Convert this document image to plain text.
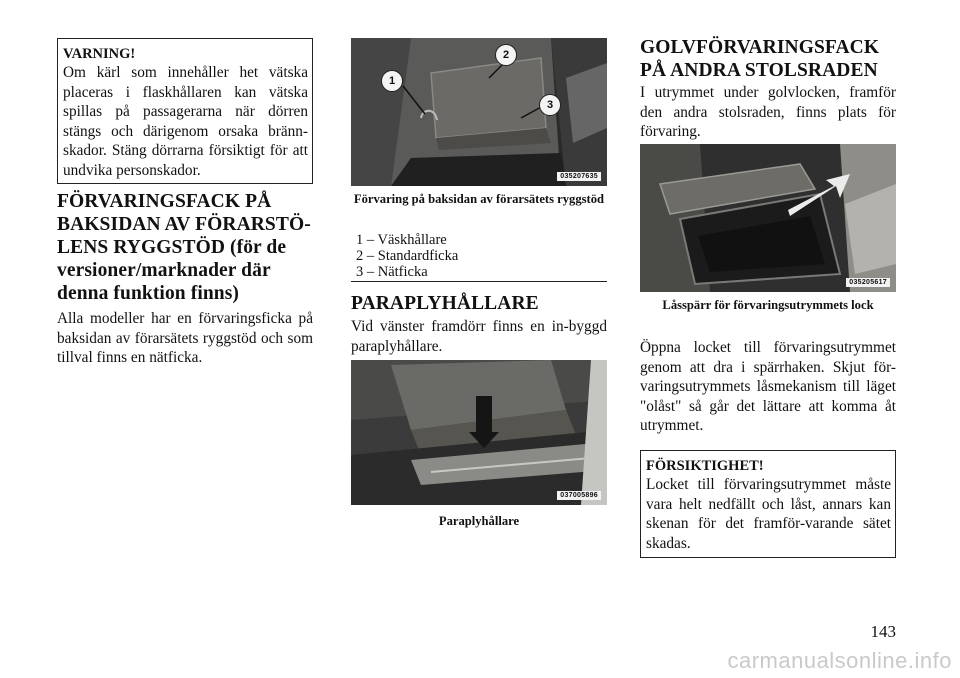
VARNING!
Om kärl som innehåller het vätska placeras i flaskhållaren kan vätska spillas på passagerarna när dörren stängs och därigenom orsaka bränn-skador. Stäng dörrarna försiktigt för att undvika personskador.
FÖRVARINGSFACK PÅ
BAKSIDAN AV FÖRARSTÖ-
LENS RYGGSTÖD (för de
versioner/marknader där
denna funktion finns)

Alla modeller har en förvaringsficka på baksidan av förarsätets ryggstöd och som tillval finns en nätficka.

1
2
3
035207635
Förvaring på baksidan av förarsätets ryggstöd
1 – Väskhållare
2 – Standardficka
3 – Nätficka
PARAPLYHÅLLARE

Vid vänster framdörr finns en in-byggd paraplyhållare.

037005896
Paraplyhållare
GOLVFÖRVARINGSFACK
PÅ ANDRA STOLSRADEN

I utrymmet under golvlocken, framför den andra stolsraden, finns plats för förvaring.

035205617
Låsspärr för förvaringsutrymmets lock

Öppna locket till förvaringsutrymmet genom att dra i spärrhaken. Skjut för-varingsutrymmets låsmekanism till läget "olåst" så går det lättare att komma åt utrymmet.

FÖRSIKTIGHET!
Locket till förvaringsutrymmet måste vara helt nedfällt och låst, annars kan skenan för det framför-varande sätet skadas.
143
carmanualsonline.info
